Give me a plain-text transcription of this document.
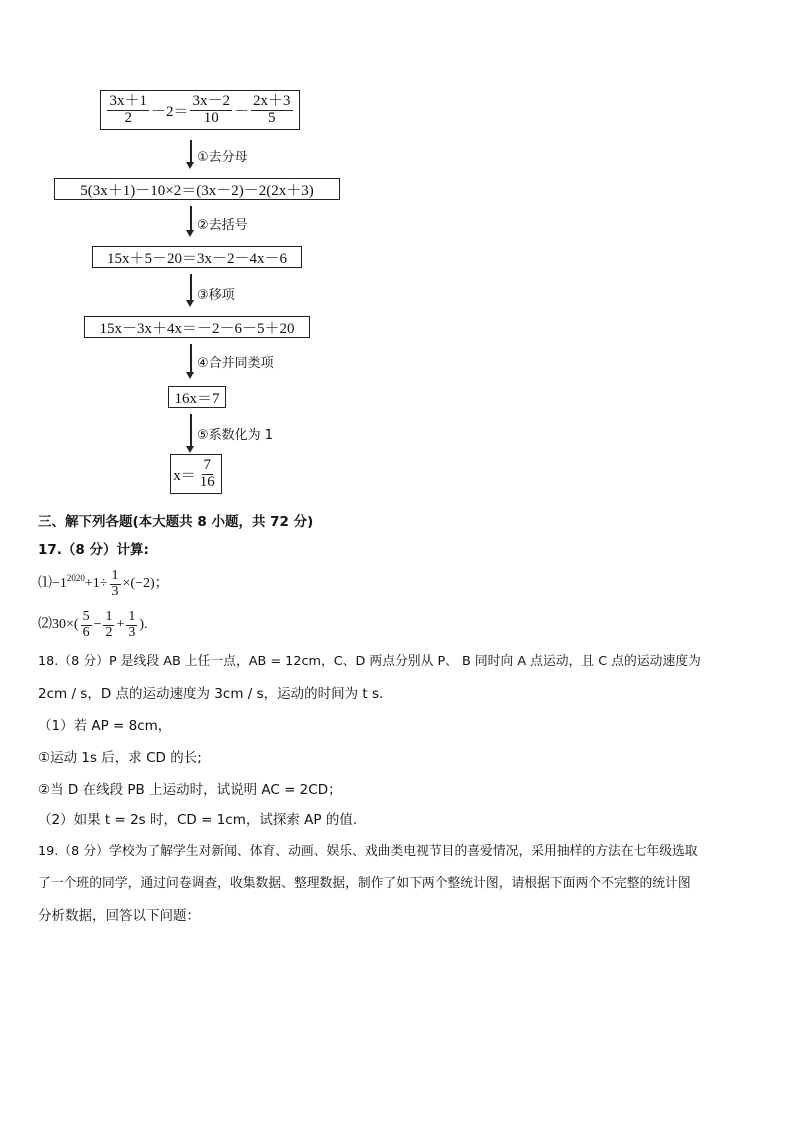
$\frac{3x+1}{2} -2= \frac{3x-2}{10} - \frac{2x+3}{5}$
①去分母
5(3x＋1)－10×2＝(3x－2)－2(2x＋3)
②去括号
15x＋5－20＝3x－2－4x－6
③移项
15x－3x＋4x＝－2－6－5＋20
④合并同类项
16x＝7
⑤系数化为 1
$x= \frac{7}{16}$
三、解下列各题(本大题共 8 小题，共 72 分)
17.（8 分）计算:
⑴ $-1^{2020} +1\div \frac{1}{3} \times(-2)$；
⑵ $30\times( \frac{5}{6} - \frac{1}{2} + \frac{1}{3}$ ).
18.（8 分）P 是线段 AB 上任一点，AB = 12cm，C、D 两点分别从 P、 B 同时向 A 点运动，且 C 点的运动速度为
2cm / s，D 点的运动速度为 3cm / s，运动的时间为 t s.
（1）若 AP = 8cm，
①运动 1s 后，求 CD 的长;
②当 D 在线段 PB 上运动时，试说明 AC = 2CD；
（2）如果 t = 2s 时，CD = 1cm，试探索 AP 的值.
19.（8 分）学校为了解学生对新闻、体育、动画、娱乐、戏曲类电视节目的喜爱情况，采用抽样的方法在七年级选取
了一个班的同学，通过问卷调查，收集数据、整理数据，制作了如下两个整统计图，请根据下面两个不完整的统计图
分析数据，回答以下问题：
